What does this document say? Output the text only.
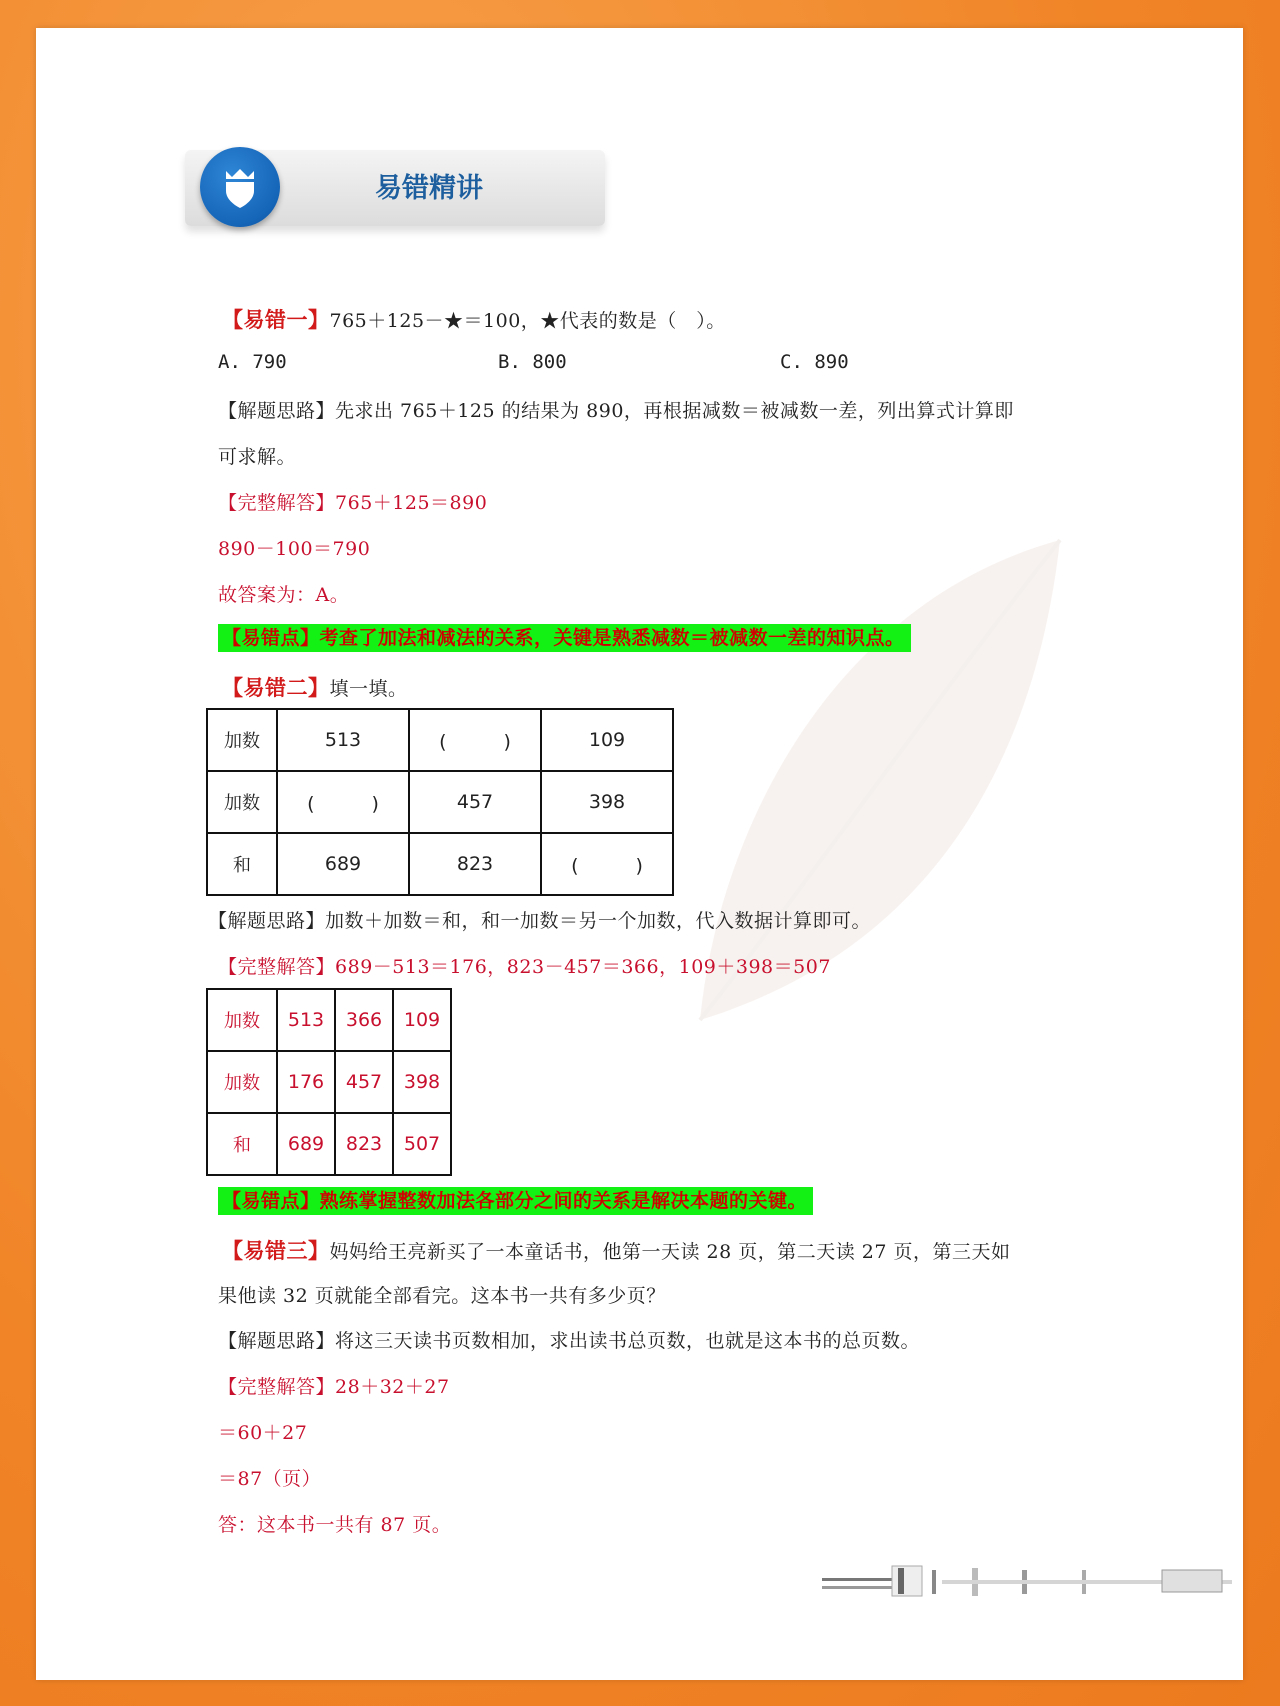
易错精讲
【易错一】765＋125－★＝100，★代表的数是（　）。
A. 790	B. 800	C. 890
【解题思路】先求出 765＋125 的结果为 890，再根据减数＝被减数一差，列出算式计算即
可求解。
【完整解答】765＋125＝890
890－100＝790
故答案为：A。
【易错点】考查了加法和减法的关系，关键是熟悉减数＝被减数一差的知识点。
【易错二】填一填。
加数	513	(　　　)	109
加数	(　　　)	457	398
和	689	823	(　　　)
【解题思路】加数＋加数＝和，和一加数＝另一个加数，代入数据计算即可。
【完整解答】689－513＝176，823－457＝366，109＋398＝507
加数	513	366	109
加数	176	457	398
和	689	823	507
【易错点】熟练掌握整数加法各部分之间的关系是解决本题的关键。
【易错三】妈妈给王亮新买了一本童话书，他第一天读 28 页，第二天读 27 页，第三天如
果他读 32 页就能全部看完。这本书一共有多少页？
【解题思路】将这三天读书页数相加，求出读书总页数，也就是这本书的总页数。
【完整解答】28＋32＋27
＝60＋27
＝87（页）
答：这本书一共有 87 页。
